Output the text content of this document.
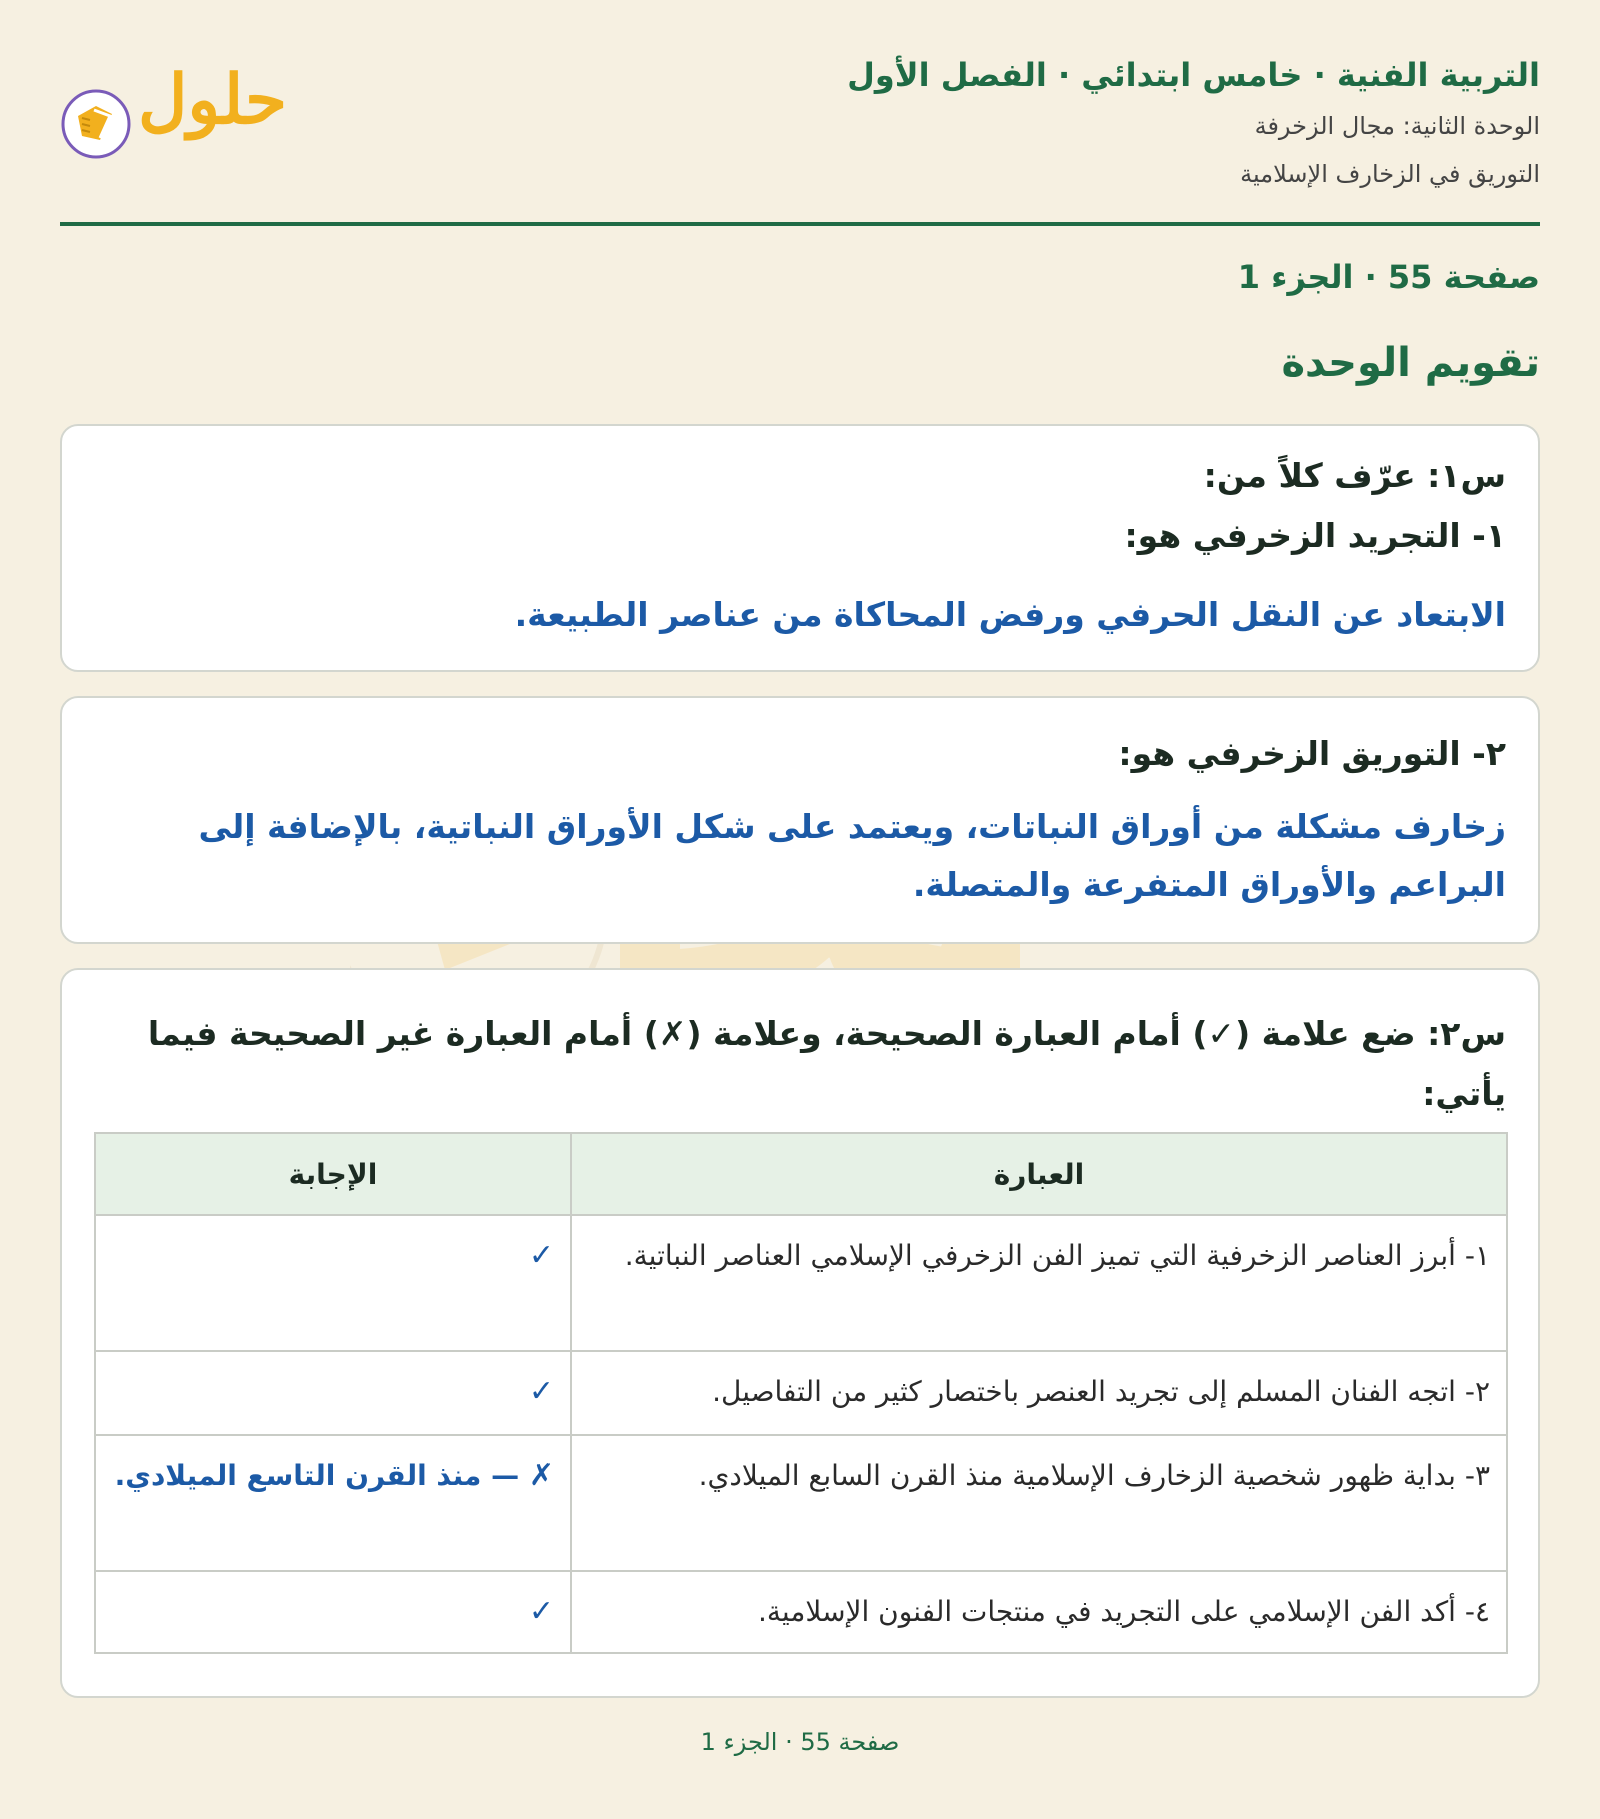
التربية الفنية · خامس ابتدائي · الفصل الأول
الوحدة الثانية: مجال الزخرفة
التوريق في الزخارف الإسلامية
حلول
صفحة 55 · الجزء 1
تقويم الوحدة
س١: عرّف كلاً من:
١- التجريد الزخرفي هو:
الابتعاد عن النقل الحرفي ورفض المحاكاة من عناصر الطبيعة.
٢- التوريق الزخرفي هو:
زخارف مشكلة من أوراق النباتات، ويعتمد على شكل الأوراق النباتية، بالإضافة إلى البراعم والأوراق المتفرعة والمتصلة.
س٢: ضع علامة (✓) أمام العبارة الصحيحة، وعلامة (✗) أمام العبارة غير الصحيحة فيما يأتي:
العبارة	الإجابة
١- أبرز العناصر الزخرفية التي تميز الفن الزخرفي الإسلامي العناصر النباتية.	✓
٢- اتجه الفنان المسلم إلى تجريد العنصر باختصار كثير من التفاصيل.	✓
٣- بداية ظهور شخصية الزخارف الإسلامية منذ القرن السابع الميلادي.	✗ — منذ القرن التاسع الميلادي.
٤- أكد الفن الإسلامي على التجريد في منتجات الفنون الإسلامية.	✓
صفحة 55 · الجزء 1
